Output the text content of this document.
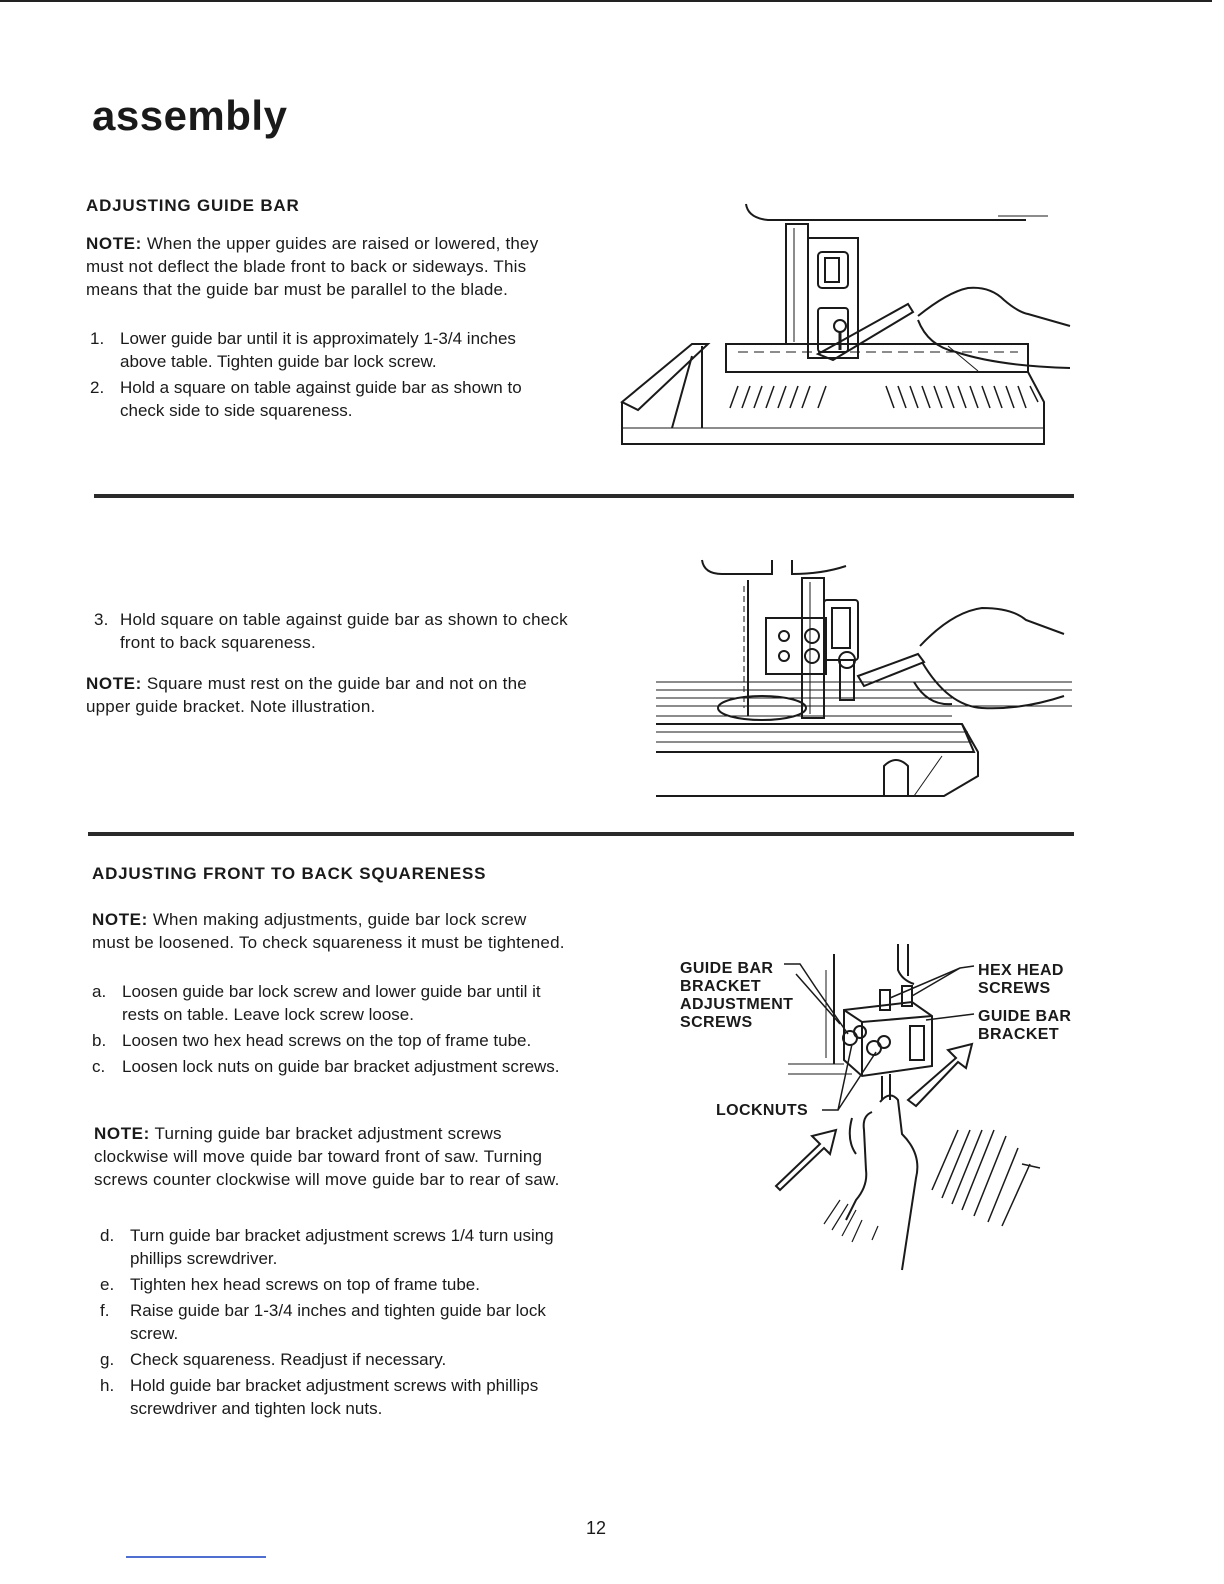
assembly
ADJUSTING GUIDE BAR

NOTE: When the upper guides are raised or lowered, they must not deflect the blade front to back or sideways. This means that the guide bar must be parallel to the blade.

1. Lower guide bar until it is approximately 1-3/4 inches above table. Tighten guide bar lock screw.
2. Hold a square on table against guide bar as shown to check side to side squareness.

3. Hold square on table against guide bar as shown to check front to back squareness.

NOTE: Square must rest on the guide bar and not on the upper guide bracket. Note illustration.

ADJUSTING FRONT TO BACK SQUARENESS

NOTE: When making adjustments, guide bar lock screw must be loosened. To check squareness it must be tightened.

a. Loosen guide bar lock screw and lower guide bar until it rests on table. Leave lock screw loose.
b. Loosen two hex head screws on the top of frame tube.
c. Loosen lock nuts on guide bar bracket adjustment screws.

NOTE: Turning guide bar bracket adjustment screws clockwise will move quide bar toward front of saw. Turning screws counter clockwise will move guide bar to rear of saw.

d. Turn guide bar bracket adjustment screws 1/4 turn using phillips screwdriver.
e. Tighten hex head screws on top of frame tube.
f. Raise guide bar 1-3/4 inches and tighten guide bar lock screw.
g. Check squareness. Readjust if necessary.
h. Hold guide bar bracket adjustment screws with phillips screwdriver and tighten lock nuts.
GUIDE BAR
BRACKET
ADJUSTMENT
SCREWS
LOCKNUTS
HEX HEAD
SCREWS
GUIDE BAR
BRACKET
12
